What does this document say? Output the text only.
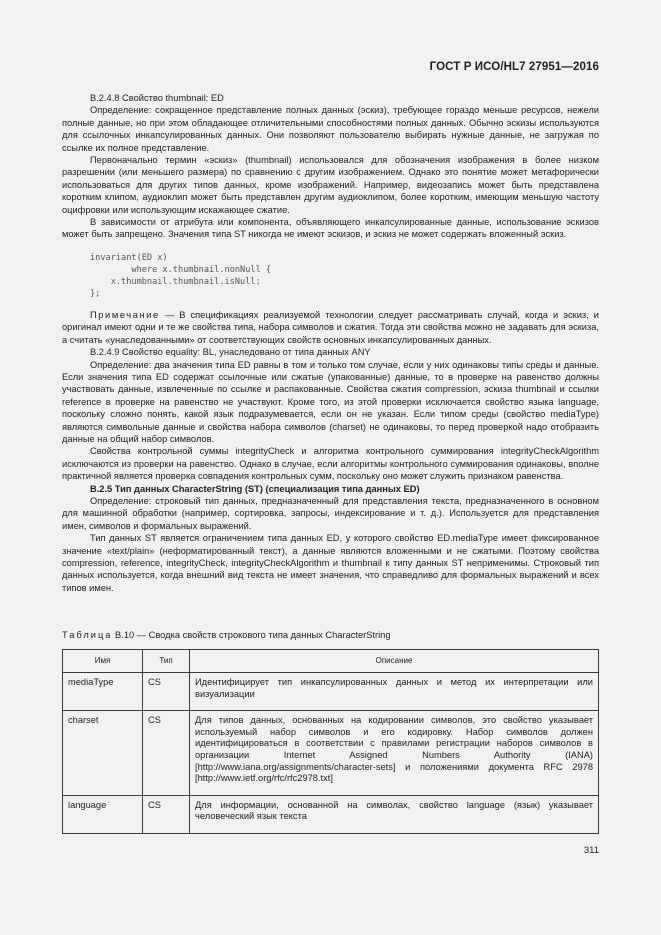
ГОСТ Р ИСО/HL7 27951—2016

B.2.4.8 Свойство thumbnail: ED

Определение: сокращенное представление полных данных (эскиз), требующее гораздо меньше ресурсов, нежели полные данные, но при этом обладающее отличительными способностями полных данных. Обычно эскизы используются для ссылочных инкапсулированных данных. Они позволяют пользователю выбирать нужные данные, не загружая по ссылке их полное представление.

Первоначально термин «эскиз» (thumbnail) использовался для обозначения изображения в более низком разрешении (или меньшего размера) по сравнению с другим изображением. Однако это понятие может метафорически использоваться для других типов данных, кроме изображений. Например, видеозапись может быть представлена коротким клипом, аудиоклип может быть представлен другим аудиоклипом, более коротким, имеющим меньшую частоту оцифровки или использующим искажающее сжатие.

В зависимости от атрибута или компонента, объявляющего инкапсулированные данные, использование эскизов может быть запрещено. Значения типа ST никогда не имеют эскизов, и эскиз не может содержать вложенный эскиз.

invariant(ED x)
where x.thumbnail.nonNull {
x.thumbnail.thumbnail.isNull;
};

Примечание — В спецификациях реализуемой технологии следует рассматривать случай, когда и эскиз, и оригинал имеют одни и те же свойства типа, набора символов и сжатия. Тогда эти свойства можно не задавать для эскиза, а считать «унаследованными» от соответствующих свойств основных инкапсулированных данных.

B.2.4.9 Свойство equality: BL, унаследовано от типа данных ANY

Определение: два значения типа ED равны в том и только том случае, если у них одинаковы типы среды и данные. Если значения типа ED содержат ссылочные или сжатые (упакованные) данные, то в проверке на равенство должны участвовать данные, извлеченные по ссылке и распакованные. Свойства сжатия compression, эскиза thumbnail и ссылки reference в проверке на равенство не участвуют. Кроме того, из этой проверки исключается свойство языка language, поскольку сложно понять, какой язык подразумевается, если он не указан. Если типом среды (свойство mediaType) являются символьные данные и свойства набора символов (charset) не одинаковы, то перед проверкой надо отобразить данные на общий набор символов.

Свойства контрольной суммы integrityCheck и алгоритма контрольного суммирования integrityCheckAlgorithm исключаются из проверки на равенство. Однако в случае, если алгоритмы контрольного суммирования одинаковы, вполне практичной является проверка совпадения контрольных сумм, поскольку оно может служить признаком равенства.

B.2.5 Тип данных CharacterString (ST) (специализация типа данных ED)

Определение: строковый тип данных, предназначенный для представления текста, предназначенного в основном для машинной обработки (например, сортировка, запросы, индексирование и т. д.). Используется для представления имен, символов и формальных выражений.

Тип данных ST является ограничением типа данных ED, у которого свойство ED.mediaType имеет фиксированное значение «text/plain» (неформатированный текст), а данные являются вложенными и не сжатыми. Поэтому свойства compression, reference, integrityCheck, integrityCheckAlgorithm и thumbnail к типу данных ST неприменимы. Строковый тип данных используется, когда внешний вид текста не имеет значения, что справедливо для формальных выражений и всех типов имен.

Таблица B.10 — Сводка свойств строкового типа данных CharacterString
Имя	Тип	Описание
mediaType	CS	Идентифицирует тип инкапсулированных данных и метод их интерпретации или визуализации
charset	CS	Для типов данных, основанных на кодировании символов, это свойство указывает используемый набор символов и его кодировку. Набор символов должен идентифицироваться в соответствии с правилами регистрации наборов символов в организации Internet Assigned Numbers Authority (IANA) [http://www.iana.org/assignments/character-sets] и положениями документа RFC 2978 [http://www.ietf.org/rfc/rfc2978.txt]
language	CS	Для информации, основанной на символах, свойство language (язык) указывает человеческий язык текста
311
